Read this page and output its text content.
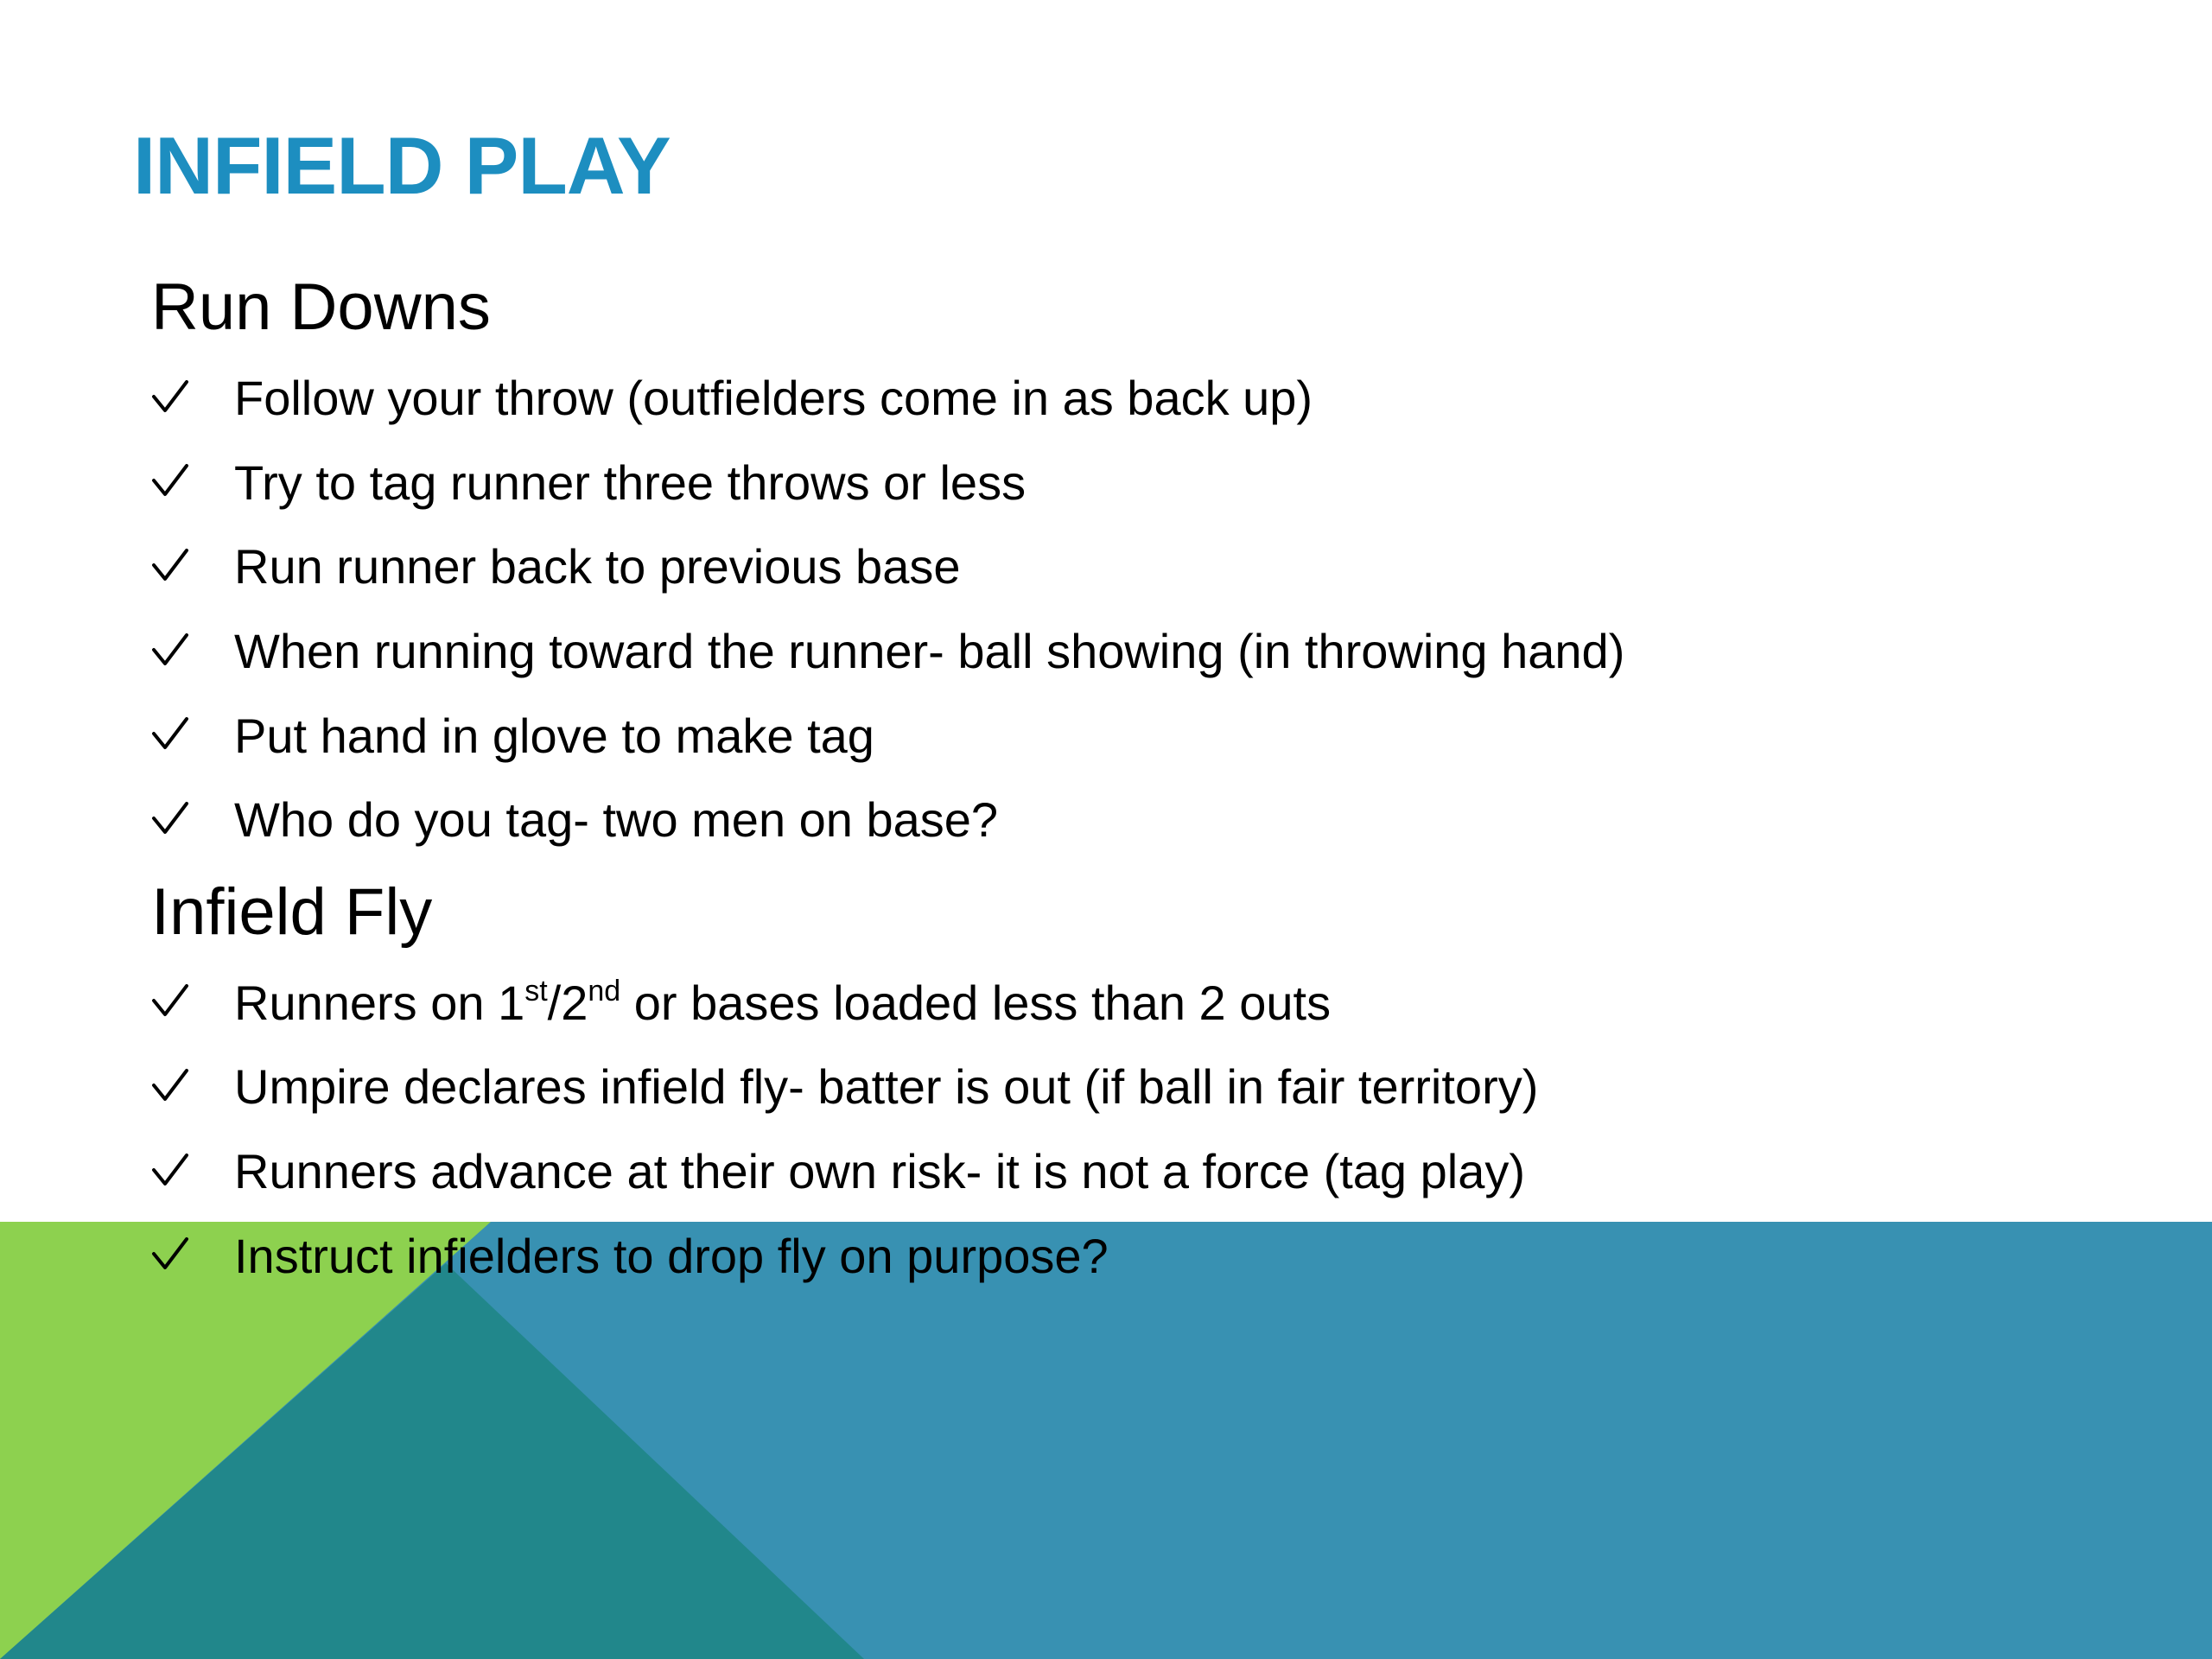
INFIELD PLAY
Run Downs
Follow your throw (outfielders come in as back up)
Try to tag runner three throws or less
Run runner back to previous base
When running toward the runner- ball showing (in throwing hand)
Put hand in glove to make tag
Who do you tag- two men on base?
Infield Fly
Runners on 1st/2nd or bases loaded less than 2 outs
Umpire declares infield fly- batter is out (if ball in fair territory)
Runners advance at their own risk- it is not a force (tag play)
Instruct infielders to drop fly on purpose?
